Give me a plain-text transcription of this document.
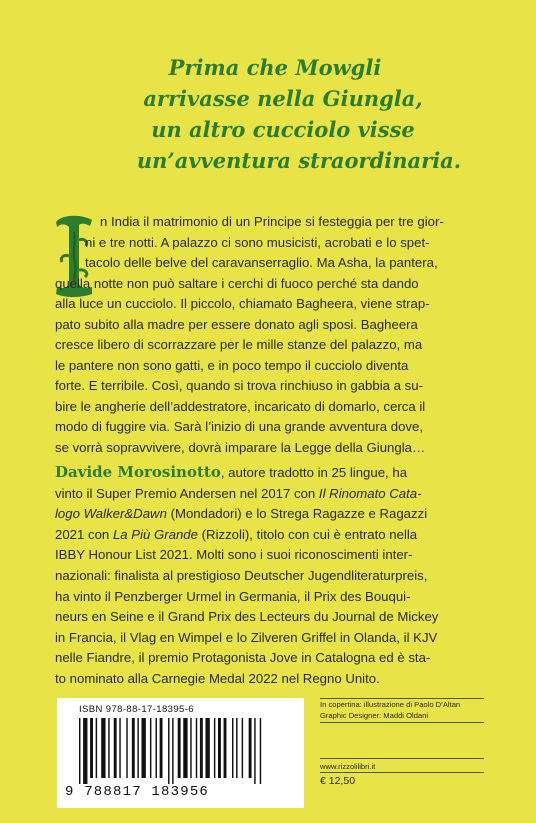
Prima che Mowgli
arrivasse nella Giungla,
un altro cucciolo visse
un’avventura straordinaria.
I
n India il matrimonio di un Principe si festeggia per tre gior-
ni e tre notti. A palazzo ci sono musicisti, acrobati e lo spet-
tacolo delle belve del caravanserraglio. Ma Asha, la pantera,
quella notte non può saltare i cerchi di fuoco perché sta dando
alla luce un cucciolo. Il piccolo, chiamato Bagheera, viene strap-
pato subito alla madre per essere donato agli sposi. Bagheera
cresce libero di scorrazzare per le mille stanze del palazzo, ma
le pantere non sono gatti, e in poco tempo il cucciolo diventa
forte. E terribile. Così, quando si trova rinchiuso in gabbia a su-
bire le angherie dell’addestratore, incaricato di domarlo, cerca il
modo di fuggire via. Sarà l’inizio di una grande avventura dove,
se vorrà sopravvivere, dovrà imparare la Legge della Giungla…
Davide Morosinotto, autore tradotto in 25 lingue, ha
vinto il Super Premio Andersen nel 2017 con Il Rinomato Cata-
logo Walker&Dawn (Mondadori) e lo Strega Ragazze e Ragazzi
2021 con La Più Grande (Rizzoli), titolo con cui è entrato nella
IBBY Honour List 2021. Molti sono i suoi riconoscimenti inter-
nazionali: finalista al prestigioso Deutscher Jugendliteraturpreis,
ha vinto il Penzberger Urmel in Germania, il Prix des Bouqui-
neurs en Seine e il Grand Prix des Lecteurs du Journal de Mickey
in Francia, il Vlag en Wimpel e lo Zilveren Griffel in Olanda, il KJV
nelle Fiandre, il premio Protagonista Jove in Catalogna ed è sta-
to nominato alla Carnegie Medal 2022 nel Regno Unito.
ISBN 978-88-17-18395-6
9 788817 183956
In copertina: illustrazione di Paolo D’Altan
Graphic Designer: Maddi Oldani
www.rizzolilibri.it
€ 12,50
